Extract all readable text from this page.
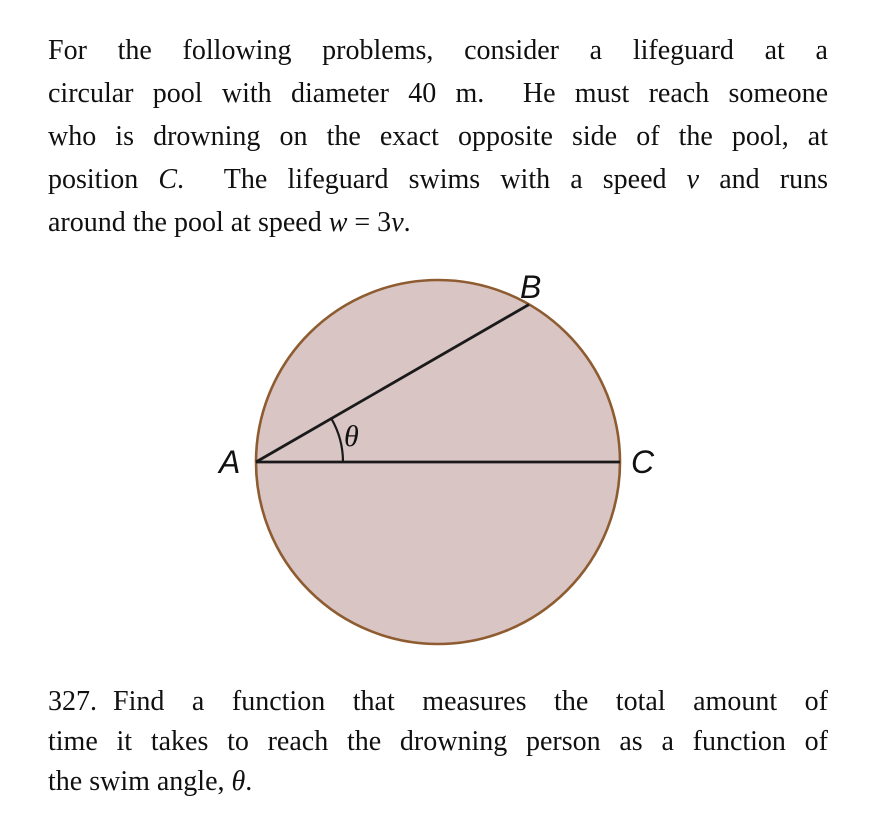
For the following problems, consider a lifeguard at a
circular pool with diameter 40 m.  He must reach someone
who is drowning on the exact opposite side of the pool, at
position C.  The lifeguard swims with a speed v and runs
around the pool at speed w = 3v.
A
B
C
θ
327. Find a function that measures the total amount of
time it takes to reach the drowning person as a function of
the swim angle, θ.
